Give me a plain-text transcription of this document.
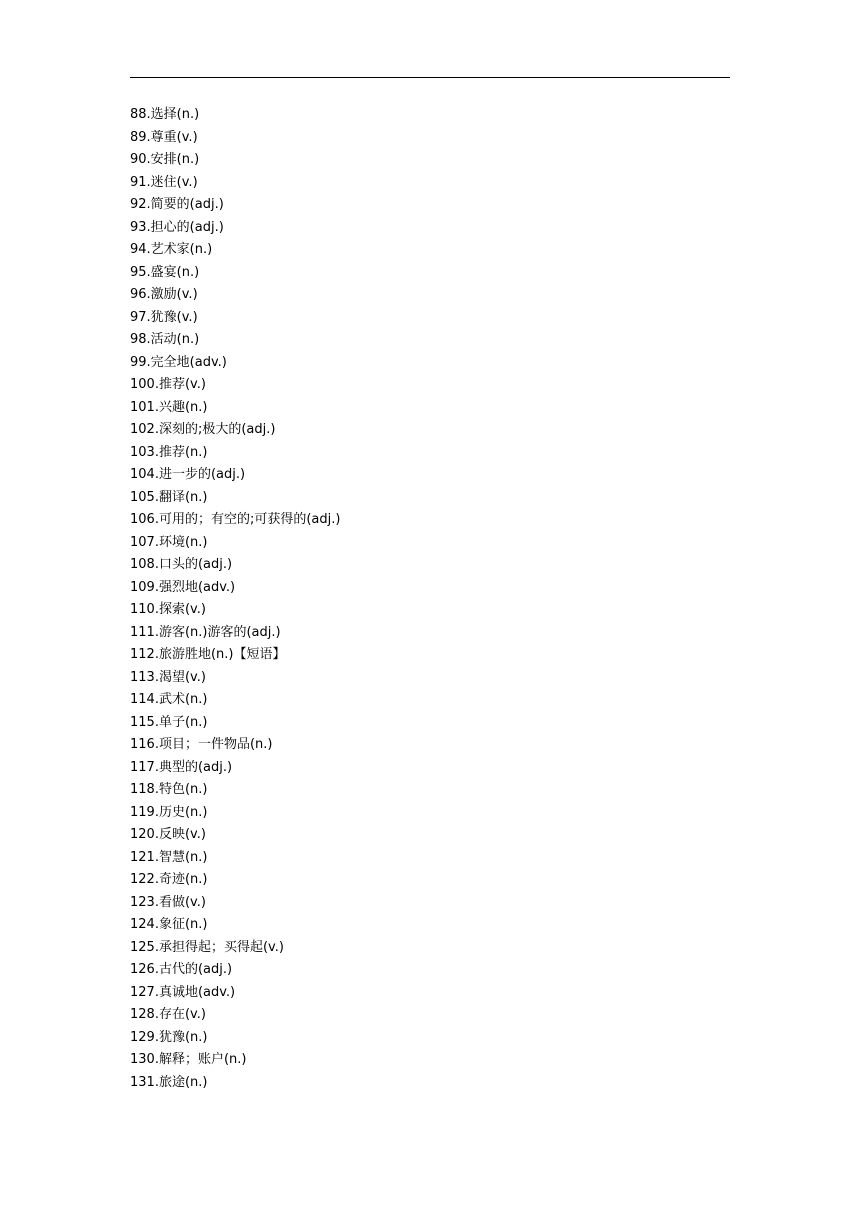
88.选择(n.)
89.尊重(v.)
90.安排(n.)
91.迷住(v.)
92.简要的(adj.)
93.担心的(adj.)
94.艺术家(n.)
95.盛宴(n.)
96.激励(v.)
97.犹豫(v.)
98.活动(n.)
99.完全地(adv.)
100.推荐(v.)
101.兴趣(n.)
102.深刻的;极大的(adj.)
103.推荐(n.)
104.进一步的(adj.)
105.翻译(n.)
106.可用的；有空的;可获得的(adj.)
107.环境(n.)
108.口头的(adj.)
109.强烈地(adv.)
110.探索(v.)
111.游客(n.)游客的(adj.)
112.旅游胜地(n.)【短语】
113.渴望(v.)
114.武术(n.)
115.单子(n.)
116.项目；一件物品(n.)
117.典型的(adj.)
118.特色(n.)
119.历史(n.)
120.反映(v.)
121.智慧(n.)
122.奇迹(n.)
123.看做(v.)
124.象征(n.)
125.承担得起；买得起(v.)
126.古代的(adj.)
127.真诚地(adv.)
128.存在(v.)
129.犹豫(n.)
130.解释；账户(n.)
131.旅途(n.)
